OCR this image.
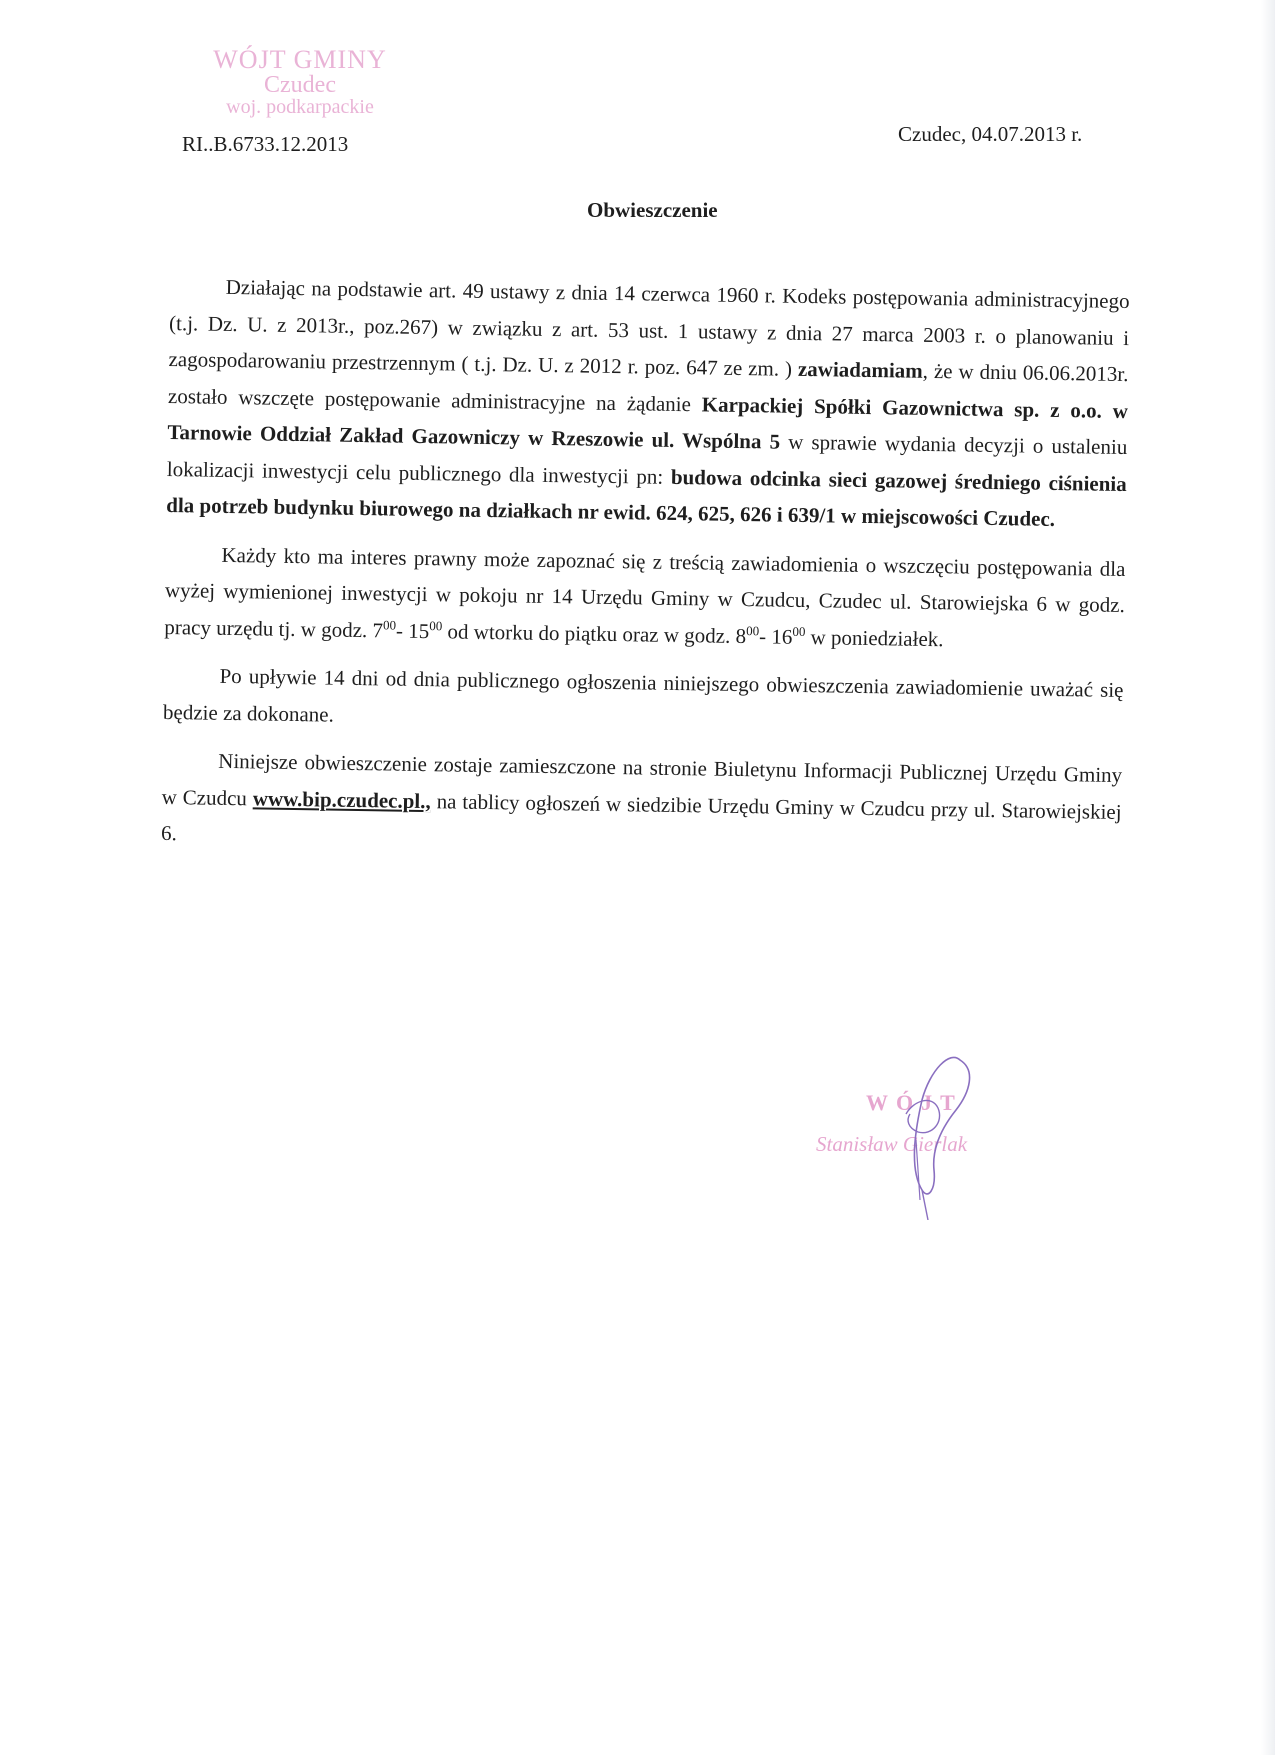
WÓJT GMINY
Czudec
woj. podkarpackie
RI..B.6733.12.2013	Czudec, 04.07.2013 r.
Obwieszczenie

Działając na podstawie art. 49 ustawy z dnia 14 czerwca 1960 r. Kodeks postępowania administracyjnego (t.j. Dz. U. z 2013r., poz.267) w związku z art. 53 ust. 1 ustawy z dnia 27 marca 2003 r. o planowaniu i zagospodarowaniu przestrzennym ( t.j. Dz. U. z 2012 r. poz. 647 ze zm. ) zawiadamiam, że w dniu 06.06.2013r. zostało wszczęte postępowanie administracyjne na żądanie Karpackiej Spółki Gazownictwa sp. z o.o. w Tarnowie Oddział Zakład Gazowniczy w Rzeszowie ul. Wspólna 5 w sprawie wydania decyzji o ustaleniu lokalizacji inwestycji celu publicznego dla inwestycji pn: budowa odcinka sieci gazowej średniego ciśnienia dla potrzeb budynku biurowego na działkach nr ewid. 624, 625, 626 i 639/1 w miejscowości Czudec.

Każdy kto ma interes prawny może zapoznać się z treścią zawiadomienia o wszczęciu postępowania dla wyżej wymienionej inwestycji w pokoju nr 14 Urzędu Gminy w Czudcu, Czudec ul. Starowiejska 6 w godz. pracy urzędu tj. w godz. $7^{00}-$ $15^{00}$ od wtorku do piątku oraz w godz. $8^{00}-$ $16^{00}$ w poniedziałek.

Po upływie 14 dni od dnia publicznego ogłoszenia niniejszego obwieszczenia zawiadomienie uważać się będzie za dokonane.

Niniejsze obwieszczenie zostaje zamieszczone na stronie Biuletynu Informacji Publicznej Urzędu Gminy w Czudcu www.bip.czudec.pl., na tablicy ogłoszeń w siedzibie Urzędu Gminy w Czudcu przy ul. Starowiejskiej 6.

WÓJT
Stanisław Gierlak
